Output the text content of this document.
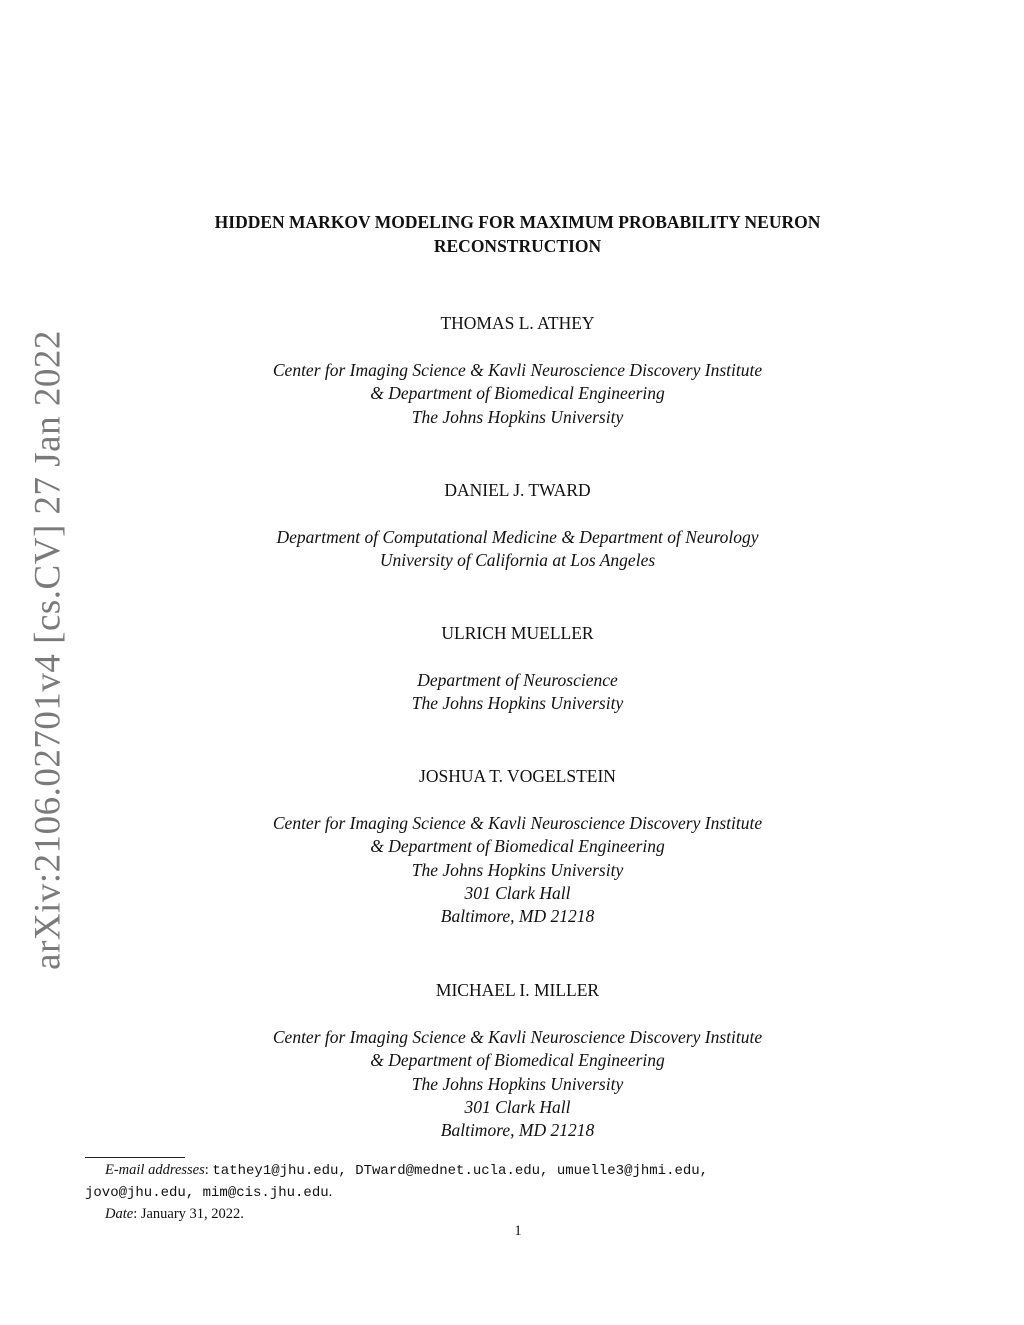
arXiv:2106.02701v4 [cs.CV] 27 Jan 2022
HIDDEN MARKOV MODELING FOR MAXIMUM PROBABILITY NEURON
RECONSTRUCTION
THOMAS L. ATHEY
Center for Imaging Science & Kavli Neuroscience Discovery Institute
& Department of Biomedical Engineering
The Johns Hopkins University
DANIEL J. TWARD
Department of Computational Medicine & Department of Neurology
University of California at Los Angeles
ULRICH MUELLER
Department of Neuroscience
The Johns Hopkins University
JOSHUA T. VOGELSTEIN
Center for Imaging Science & Kavli Neuroscience Discovery Institute
& Department of Biomedical Engineering
The Johns Hopkins University
301 Clark Hall
Baltimore, MD 21218
MICHAEL I. MILLER
Center for Imaging Science & Kavli Neuroscience Discovery Institute
& Department of Biomedical Engineering
The Johns Hopkins University
301 Clark Hall
Baltimore, MD 21218
E-mail addresses: tathey1@jhu.edu, DTward@mednet.ucla.edu, umuelle3@jhmi.edu,
jovo@jhu.edu, mim@cis.jhu.edu.
Date: January 31, 2022.
1
